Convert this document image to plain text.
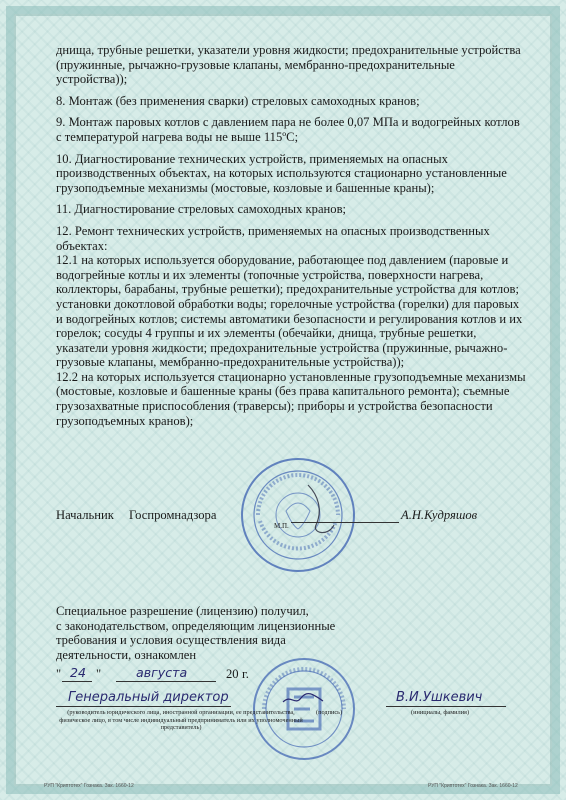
днища, трубные решетки, указатели уровня жидкости; предохранительные устройства (пружинные, рычажно-грузовые клапаны, мембранно-предохранительные устройства));

8. Монтаж (без применения сварки) стреловых самоходных кранов;

9. Монтаж паровых котлов с давлением пара не более 0,07 МПа и водогрейных котлов с температурой нагрева воды не выше 115ºС;

10. Диагностирование технических устройств, применяемых на опасных производственных объектах, на которых используются стационарно установленные грузоподъемные механизмы (мостовые, козловые и башенные краны);

11. Диагностирование стреловых самоходных кранов;

12. Ремонт технических устройств, применяемых на опасных производственных объектах:

12.1 на которых используется оборудование, работающее под давлением (паровые и водогрейные котлы и их элементы (топочные устройства, поверхности нагрева, коллекторы, барабаны, трубные решетки); предохранительные устройства для котлов; установки докотловой обработки воды; горелочные устройства (горелки) для паровых и водогрейных котлов; системы автоматики безопасности и регулирования котлов и их горелок; сосуды 4 группы и их элементы (обечайки, днища, трубные решетки, указатели уровня жидкости; предохранительные устройства (пружинные, рычажно-грузовые клапаны, мембранно-предохранительные устройства));

12.2 на которых используется стационарно установленные грузоподъемные механизмы (мостовые, козловые и башенные краны (без права капитального ремонта); съемные грузозахватные приспособления (траверсы); приборы и устройства безопасности грузоподъемных кранов);

Начальник Госпромнадзора
М.П.
А.Н.Кудряшов

Специальное разрешение (лицензию) получил,

с законодательством, определяющим лицензионные

требования и условия осуществления вида

деятельности, ознакомлен

" 24 "	августа	20 г.
Генеральный директор
(руководитель юридического лица, иностранной организации, ее представительства, физическое лицо, в том числе индивидуальный предприниматель или их уполномоченный представитель)
(подпись)
В.И.Ушкевич
(инициалы, фамилия)
РУП "Криптотех" Гознака. Зак. 1660-12	РУП "Криптотех" Гознака. Зак. 1660-12
